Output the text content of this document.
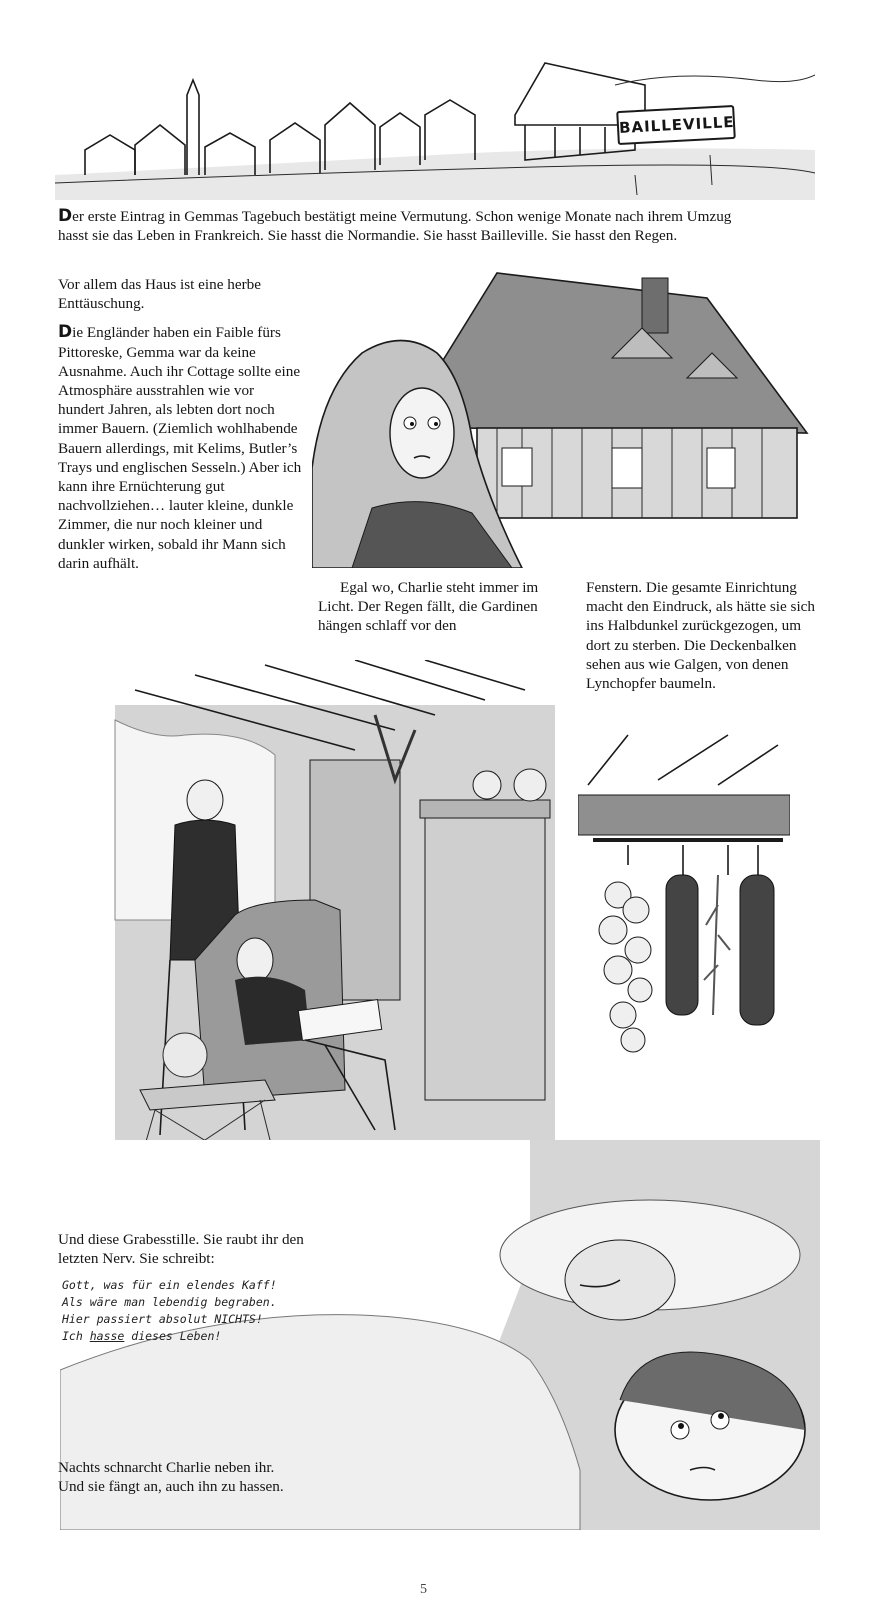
BAILLEVILLE

Der erste Eintrag in Gemmas Tagebuch bestätigt meine Vermutung. Schon wenige Monate nach ihrem Umzug hasst sie das Leben in Frankreich. Sie hasst die Normandie. Sie hasst Bailleville. Sie hasst den Regen.

Vor allem das Haus ist eine herbe Enttäuschung.
Die Engländer haben ein Faible fürs Pittoreske, Gemma war da keine Ausnahme. Auch ihr Cottage sollte eine Atmosphäre ausstrahlen wie vor hundert Jahren, als lebten dort noch immer Bauern. (Ziemlich wohlhabende Bauern allerdings, mit Kelims, Butler’s Trays und englischen Sesseln.) Aber ich kann ihre Ernüchterung gut nachvollziehen… lauter kleine, dunkle Zimmer, die nur noch kleiner und dunkler wirken, sobald ihr Mann sich darin aufhält.

Egal wo, Charlie steht immer im Licht. Der Regen fällt, die Gardinen hängen schlaff vor den

Fenstern. Die gesamte Einrichtung macht den Eindruck, als hätte sie sich ins Halbdunkel zurückgezogen, um dort zu sterben. Die Deckenbalken sehen aus wie Galgen, von denen Lynchopfer baumeln.

Und diese Grabesstille. Sie raubt ihr den letzten Nerv. Sie schreibt:

Gott, was für ein elendes Kaff!
Als wäre man lebendig begraben.
Hier passiert absolut NICHTS!
Ich hasse dieses Leben!

Nachts schnarcht Charlie neben ihr. Und sie fängt an, auch ihn zu hassen.

5
